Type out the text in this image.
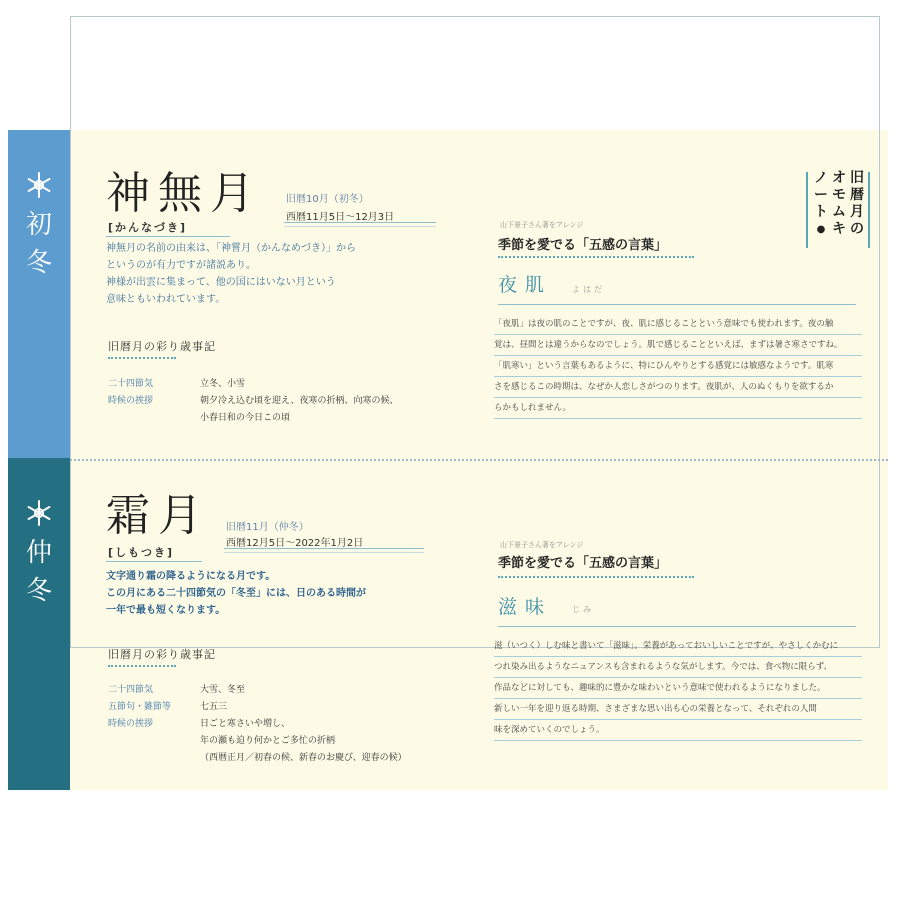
初
冬
仲
冬
ノ
ー
ト
●
オ
モ
ム
キ
旧
暦
月
の
神無月
[かんなづき]
旧暦10月（初冬）
西暦11月5日〜12月3日
神無月の名前の由来は、「神嘗月（かんなめづき）」から
というのが有力ですが諸説あり。
神様が出雲に集まって、他の国にはいない月という
意味ともいわれています。
旧暦月の彩り歳事記
二十四節気	立冬、小雪
時候の挨拶	朝夕冷え込む頃を迎え、夜寒の折柄、向寒の候、
小春日和の今日この頃
山下景子さん著をアレンジ
季節を愛でる「五感の言葉」
夜肌 よはだ
「夜肌」は夜の肌のことですが、夜、肌に感じることという意味でも使われます。夜の触
覚は、昼間とは違うからなのでしょう。肌で感じることといえば、まずは暑さ寒さですね。
「肌寒い」という言葉もあるように、特にひんやりとする感覚には敏感なようです。肌寒
さを感じるこの時期は、なぜか人恋しさがつのります。夜肌が、人のぬくもりを欲するか
らかもしれません。
霜月
[しもつき]
旧暦11月（仲冬）
西暦12月5日〜2022年1月2日
文字通り霜の降るようになる月です。
この月にある二十四節気の「冬至」には、日のある時間が
一年で最も短くなります。
旧暦月の彩り歳事記
二十四節気	大雪、冬至
五節句・雑節等	七五三
時候の挨拶	日ごと寒さいや増し、
年の瀬も迫り何かとご多忙の折柄
（西暦正月／初春の候、新春のお慶び、迎春の候）
山下景子さん著をアレンジ
季節を愛でる「五感の言葉」
滋味 じみ
滋（いつく）しむ味と書いて「滋味」。栄養があっておいしいことですが、やさしくかむに
つれ染み出るようなニュアンスも含まれるような気がします。今では、食べ物に限らず、
作品などに対しても、趣味的に豊かな味わいという意味で使われるようになりました。
新しい一年を迎り返る時期、さまざまな思い出も心の栄養となって、それぞれの人間
味を深めていくのでしょう。
